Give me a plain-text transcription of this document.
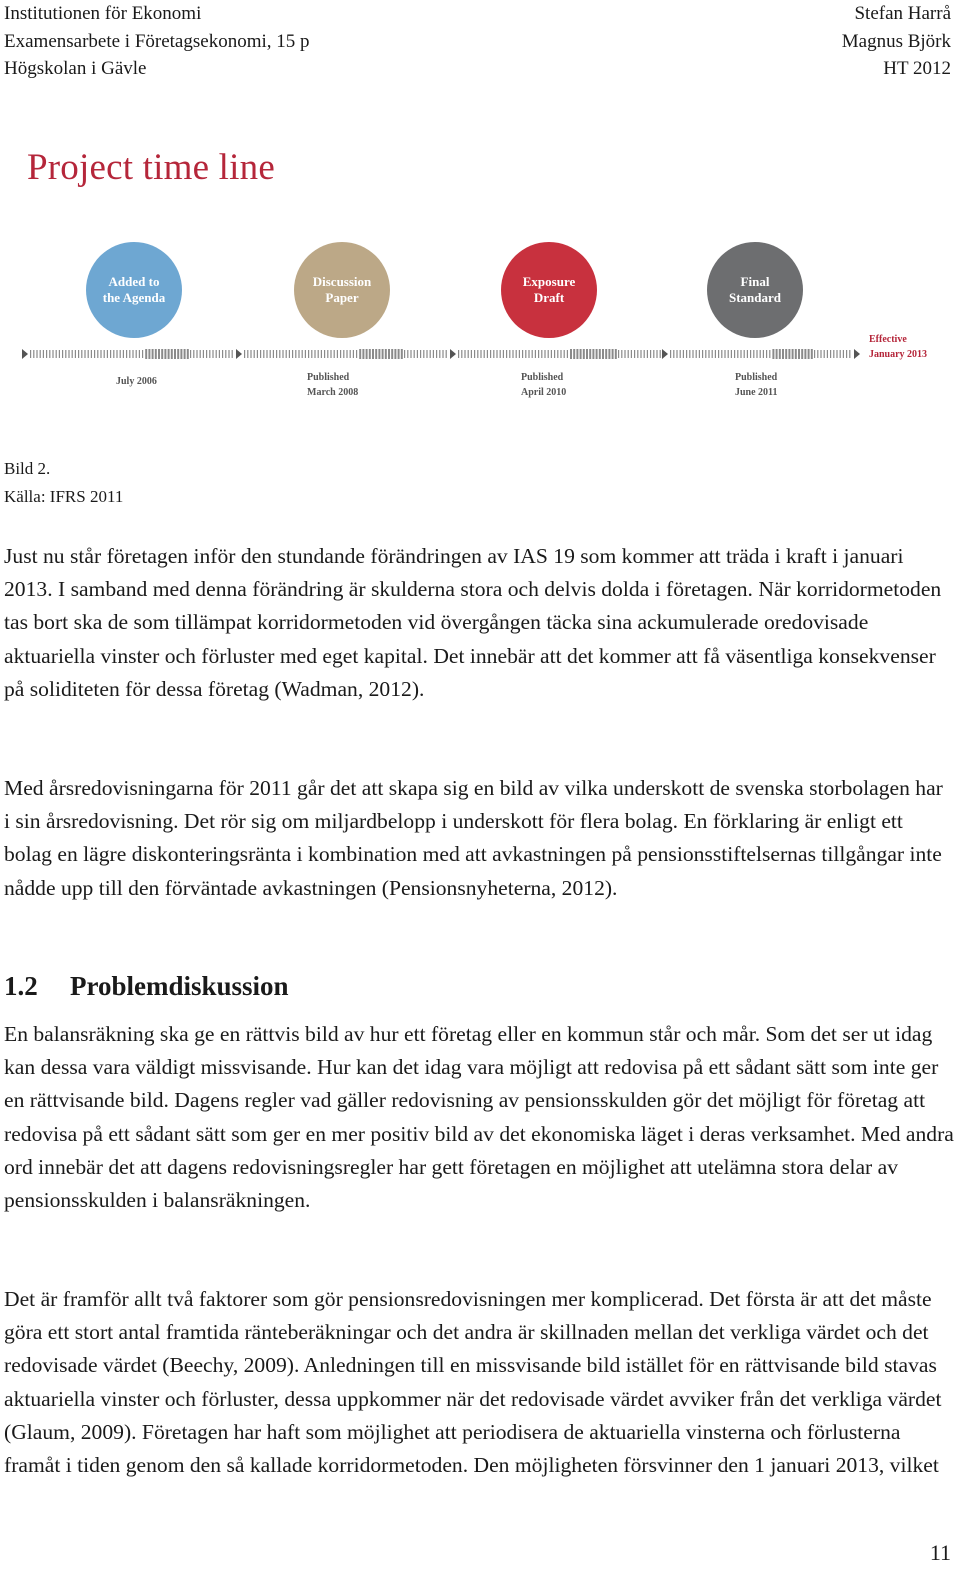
Institutionen för Ekonomi
Examensarbete i Företagsekonomi, 15 p
Högskolan i Gävle
Stefan Harrå
Magnus Björk
HT 2012
Project time line
Added to
the Agenda
Discussion
Paper
Exposure
Draft
Final
Standard
July 2006	Published
March 2008
Published
April 2010
Published
June 2011
Effective
January 2013
Bild 2.
Källa: IFRS 2011

Just nu står företagen inför den stundande förändringen av IAS 19 som kommer att träda i kraft i januari 2013. I samband med denna förändring är skulderna stora och delvis dolda i företagen. När korridormetoden tas bort ska de som tillämpat korridormetoden vid övergången täcka sina ackumulerade oredovisade aktuariella vinster och förluster med eget kapital. Det innebär att det kommer att få väsentliga konsekvenser på soliditeten för dessa företag (Wadman, 2012).

Med årsredovisningarna för 2011 går det att skapa sig en bild av vilka underskott de svenska storbolagen har i sin årsredovisning. Det rör sig om miljardbelopp i underskott för flera bolag. En förklaring är enligt ett bolag en lägre diskonteringsränta i kombination med att avkastningen på pensionsstiftelsernas tillgångar inte nådde upp till den förväntade avkastningen (Pensionsnyheterna, 2012).

1.2 Problemdiskussion

En balansräkning ska ge en rättvis bild av hur ett företag eller en kommun står och mår. Som det ser ut idag kan dessa vara väldigt missvisande. Hur kan det idag vara möjligt att redovisa på ett sådant sätt som inte ger en rättvisande bild. Dagens regler vad gäller redovisning av pensionsskulden gör det möjligt för företag att redovisa på ett sådant sätt som ger en mer positiv bild av det ekonomiska läget i deras verksamhet. Med andra ord innebär det att dagens redovisningsregler har gett företagen en möjlighet att utelämna stora delar av pensionsskulden i balansräkningen.

Det är framför allt två faktorer som gör pensionsredovisningen mer komplicerad. Det första är att det måste göra ett stort antal framtida ränteberäkningar och det andra är skillnaden mellan det verkliga värdet och det redovisade värdet (Beechy, 2009). Anledningen till en missvisande bild istället för en rättvisande bild stavas aktuariella vinster och förluster, dessa uppkommer när det redovisade värdet avviker från det verkliga värdet (Glaum, 2009). Företagen har haft som möjlighet att periodisera de aktuariella vinsterna och förlusterna framåt i tiden genom den så kallade korridormetoden. Den möjligheten försvinner den 1 januari 2013, vilket

11
